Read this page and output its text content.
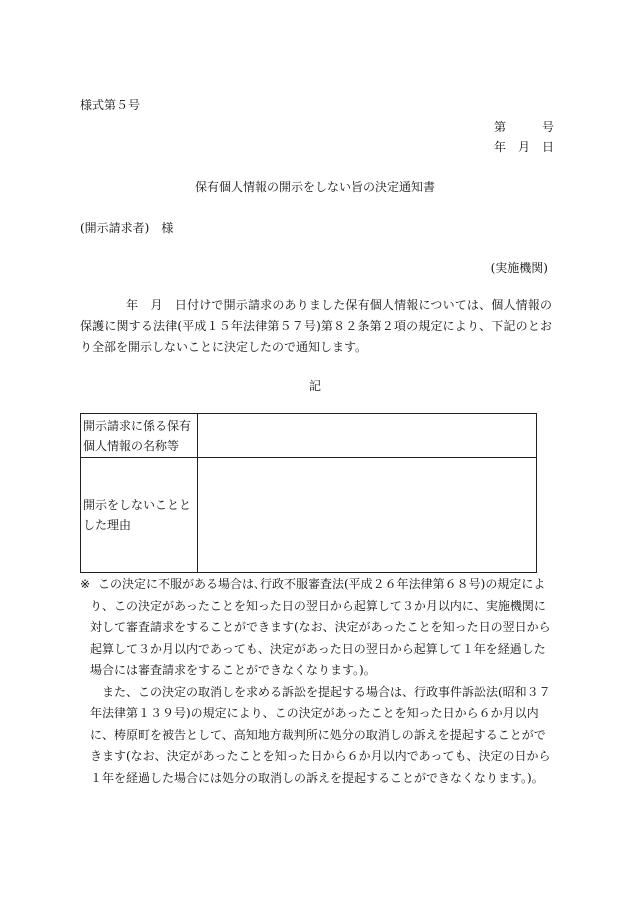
様式第５号
第　　　号
年　月　日
保有個人情報の開示をしない旨の決定通知書
(開示請求者)　様
(実施機関)
年　月　日付けで開示請求のありました保有個人情報については、個人情報の保護に関する法律(平成１５年法律第５７号)第８２条第２項の規定により、下記のとおり全部を開示しないことに決定したので通知します。
記
開示請求に係る保有個人情報の名称等	
開示をしないこととした理由	
※ この決定に不服がある場合は､行政不服審査法(平成２６年法律第６８号)の規定により、この決定があったことを知った日の翌日から起算して３か月以内に、実施機関に対して審査請求をすることができます(なお、決定があったことを知った日の翌日から起算して３か月以内であっても、決定があった日の翌日から起算して１年を経過した場合には審査請求をすることができなくなります。)。

また、この決定の取消しを求める訴訟を提起する場合は、行政事件訴訟法(昭和３７年法律第１３９号)の規定により、この決定があったことを知った日から６か月以内に、梼原町を被告として、高知地方裁判所に処分の取消しの訴えを提起することができます(なお、決定があったことを知った日から６か月以内であっても、決定の日から１年を経過した場合には処分の取消しの訴えを提起することができなくなります。)。
